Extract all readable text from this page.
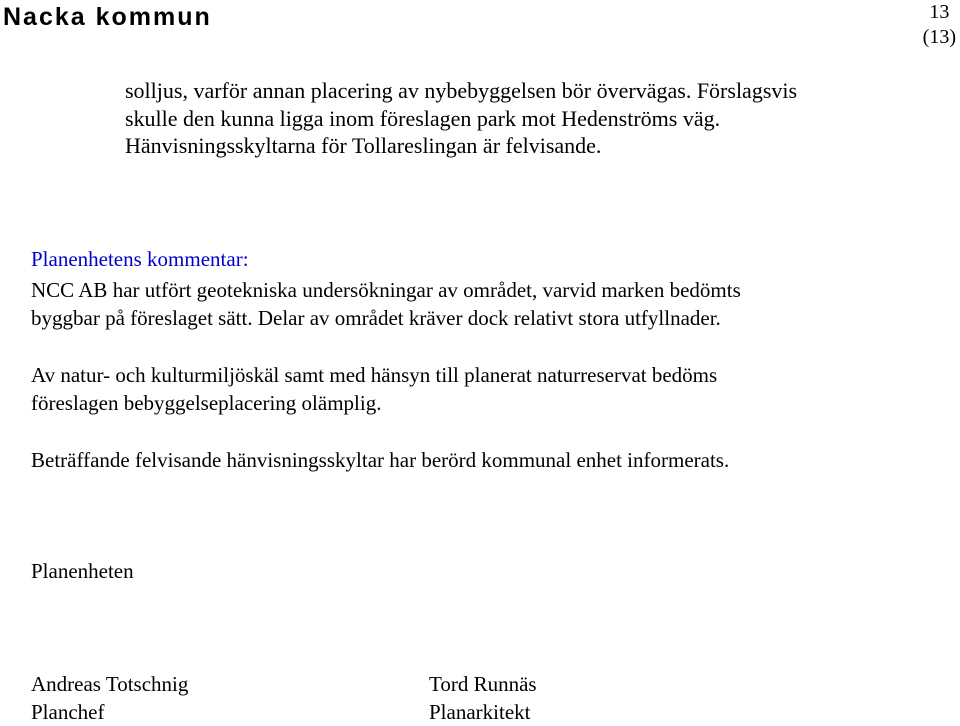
Nacka kommun	13
(13)
solljus, varför annan placering av nybebyggelsen bör övervägas. Förslagsvis
skulle den kunna ligga inom föreslagen park mot Hedenströms väg.
Hänvisningsskyltarna för Tollareslingan är felvisande.
Planenhetens kommentar:
NCC AB har utfört geotekniska undersökningar av området, varvid marken bedömts
byggbar på föreslaget sätt. Delar av området kräver dock relativt stora utfyllnader.
Av natur- och kulturmiljöskäl samt med hänsyn till planerat naturreservat bedöms
föreslagen bebyggelseplacering olämplig.
Beträffande felvisande hänvisningsskyltar har berörd kommunal enhet informerats.
Planenheten
Andreas Totschnig
Planchef
Tord Runnäs
Planarkitekt
